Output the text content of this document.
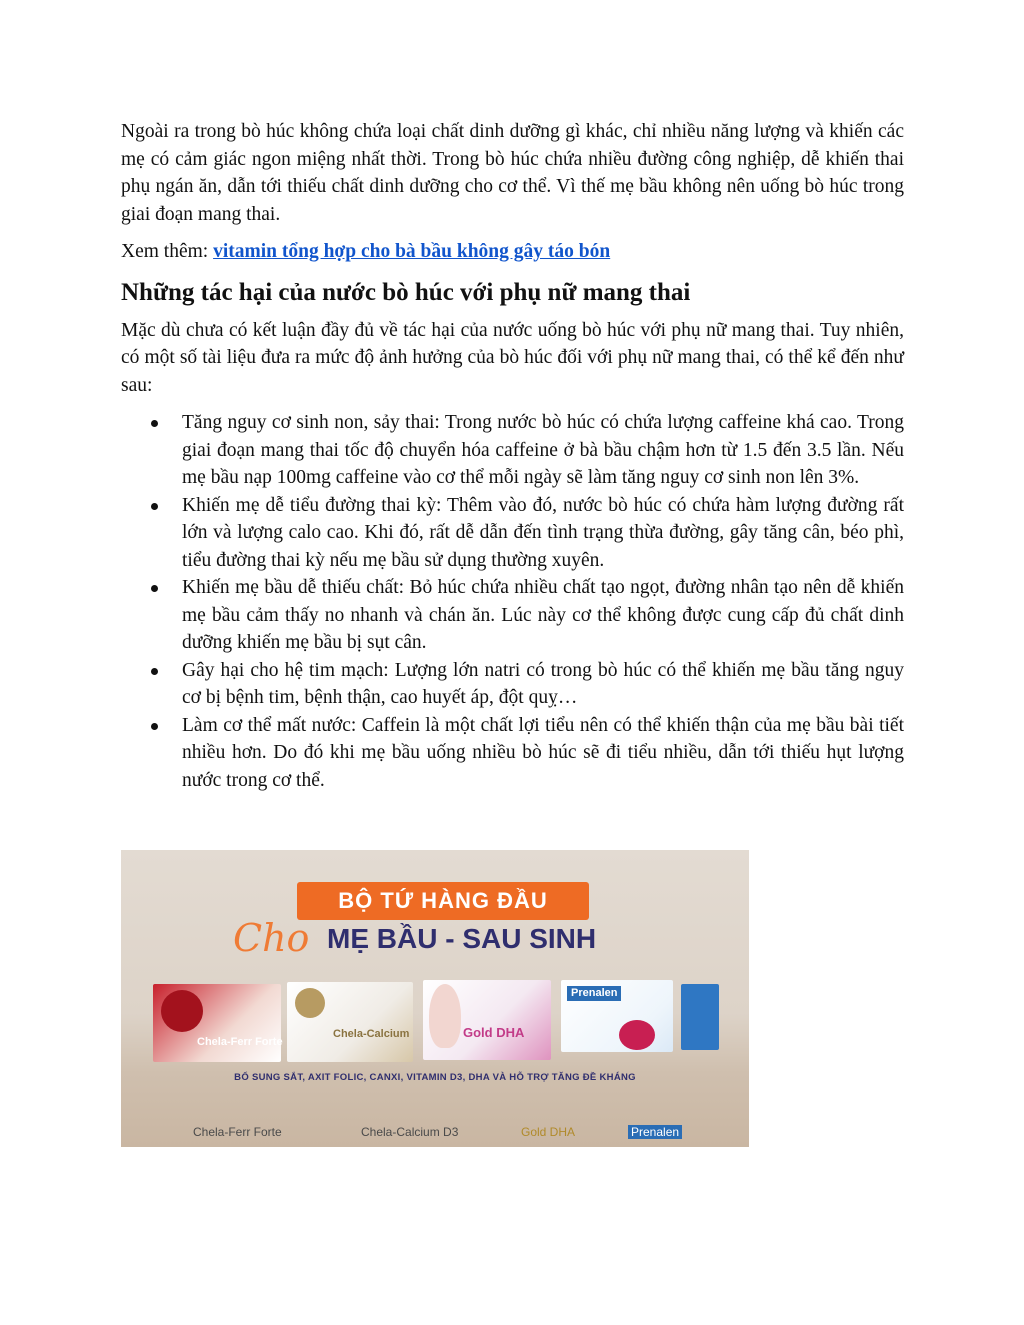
Ngoài ra trong bò húc không chứa loại chất dinh dưỡng gì khác, chỉ nhiều năng lượng và khiến các mẹ có cảm giác ngon miệng nhất thời. Trong bò húc chứa nhiều đường công nghiệp, dễ khiến thai phụ ngán ăn, dẫn tới thiếu chất dinh dưỡng cho cơ thể. Vì thế mẹ bầu không nên uống bò húc trong giai đoạn mang thai.

Xem thêm: vitamin tổng hợp cho bà bầu không gây táo bón

Những tác hại của nước bò húc với phụ nữ mang thai

Mặc dù chưa có kết luận đầy đủ về tác hại của nước uống bò húc với phụ nữ mang thai. Tuy nhiên, có một số tài liệu đưa ra mức độ ảnh hưởng của bò húc đối với phụ nữ mang thai, có thể kể đến như sau:

Tăng nguy cơ sinh non, sảy thai: Trong nước bò húc có chứa lượng caffeine khá cao. Trong giai đoạn mang thai tốc độ chuyển hóa caffeine ở bà bầu chậm hơn từ 1.5 đến 3.5 lần. Nếu mẹ bầu nạp 100mg caffeine vào cơ thể mỗi ngày sẽ làm tăng nguy cơ sinh non lên 3%.
Khiến mẹ dễ tiểu đường thai kỳ: Thêm vào đó, nước bò húc có chứa hàm lượng đường rất lớn và lượng calo cao. Khi đó, rất dễ dẫn đến tình trạng thừa đường, gây tăng cân, béo phì, tiểu đường thai kỳ nếu mẹ bầu sử dụng thường xuyên.
Khiến mẹ bầu dễ thiếu chất: Bỏ húc chứa nhiều chất tạo ngọt, đường nhân tạo nên dễ khiến mẹ bầu cảm thấy no nhanh và chán ăn. Lúc này cơ thể không được cung cấp đủ chất dinh dưỡng khiến mẹ bầu bị sụt cân.
Gây hại cho hệ tim mạch: Lượng lớn natri có trong bò húc có thể khiến mẹ bầu tăng nguy cơ bị bệnh tim, bệnh thận, cao huyết áp, đột quỵ…
Làm cơ thể mất nước: Caffein là một chất lợi tiểu nên có thể khiến thận của mẹ bầu bài tiết nhiều hơn. Do đó khi mẹ bầu uống nhiều bò húc sẽ đi tiểu nhiều, dẫn tới thiếu hụt lượng nước trong cơ thể.
BỘ TỨ HÀNG ĐẦU
Cho MẸ BẦU - SAU SINH
Chela-Ferr Forte
Chela-Calcium	Gold DHA
Prenalen
BỔ SUNG SẮT, AXIT FOLIC, CANXI, VITAMIN D3, DHA VÀ HỖ TRỢ TĂNG ĐỀ KHÁNG
Chela-Ferr Forte	Chela-Calcium D3	Gold DHA	Prenalen
